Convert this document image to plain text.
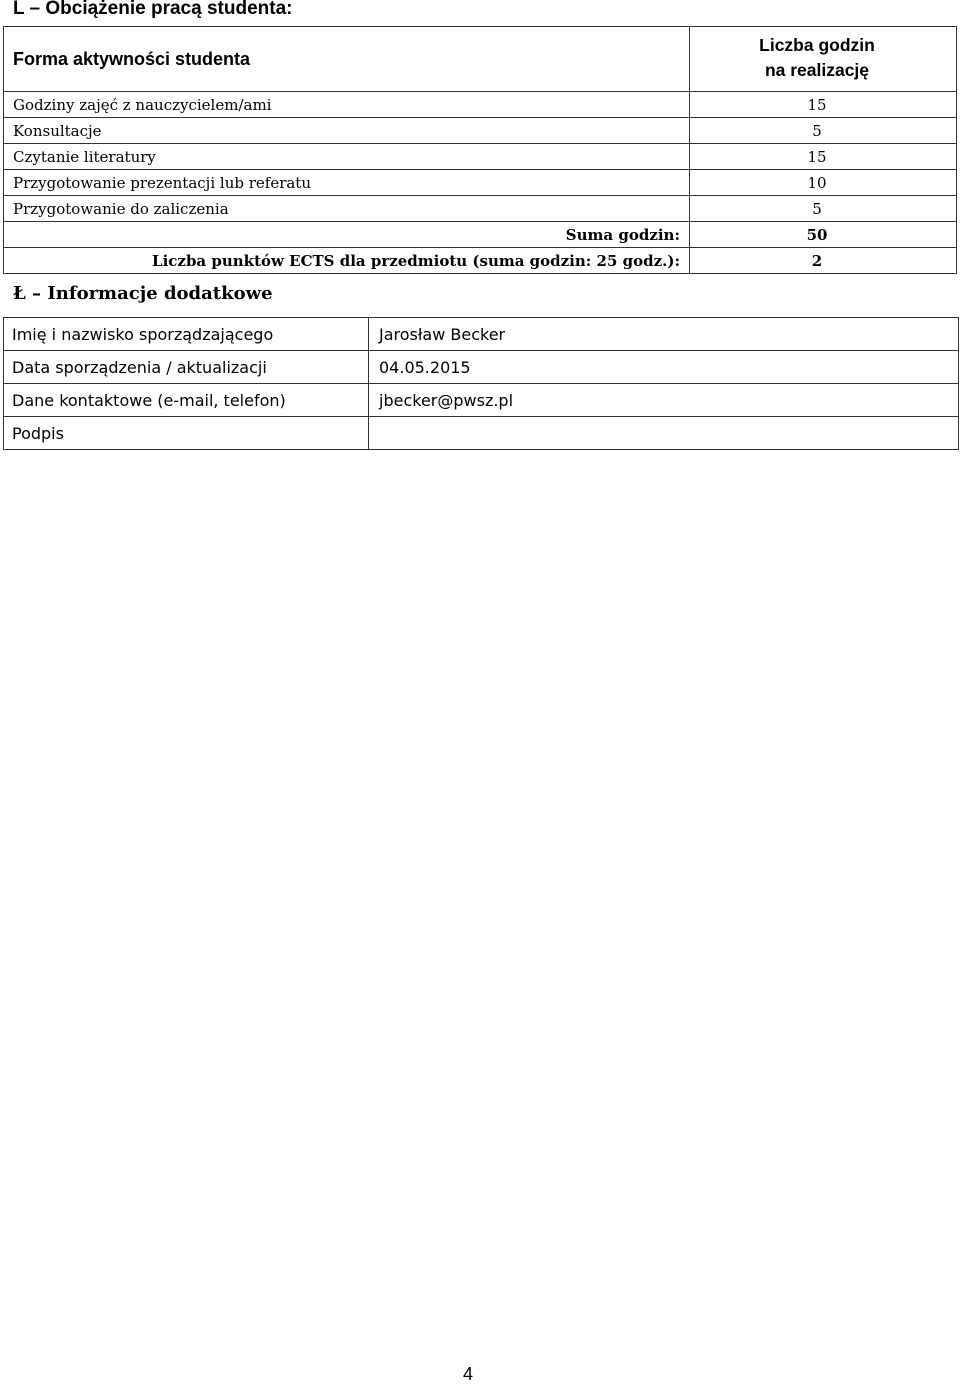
L – Obciążenie pracą studenta:
Forma aktywności studenta	Liczba godzin
na realizację

Godziny zajęć z nauczycielem/ami	15
Konsultacje	5
Czytanie literatury	15
Przygotowanie prezentacji lub referatu	10
Przygotowanie do zaliczenia	5
Suma godzin:	50
Liczba punktów ECTS dla przedmiotu (suma godzin: 25 godz.):	2
Ł – Informacje dodatkowe
Imię i nazwisko sporządzającego	Jarosław Becker
Data sporządzenia / aktualizacji	04.05.2015
Dane kontaktowe (e-mail, telefon)	jbecker@pwsz.pl
Podpis	
4
